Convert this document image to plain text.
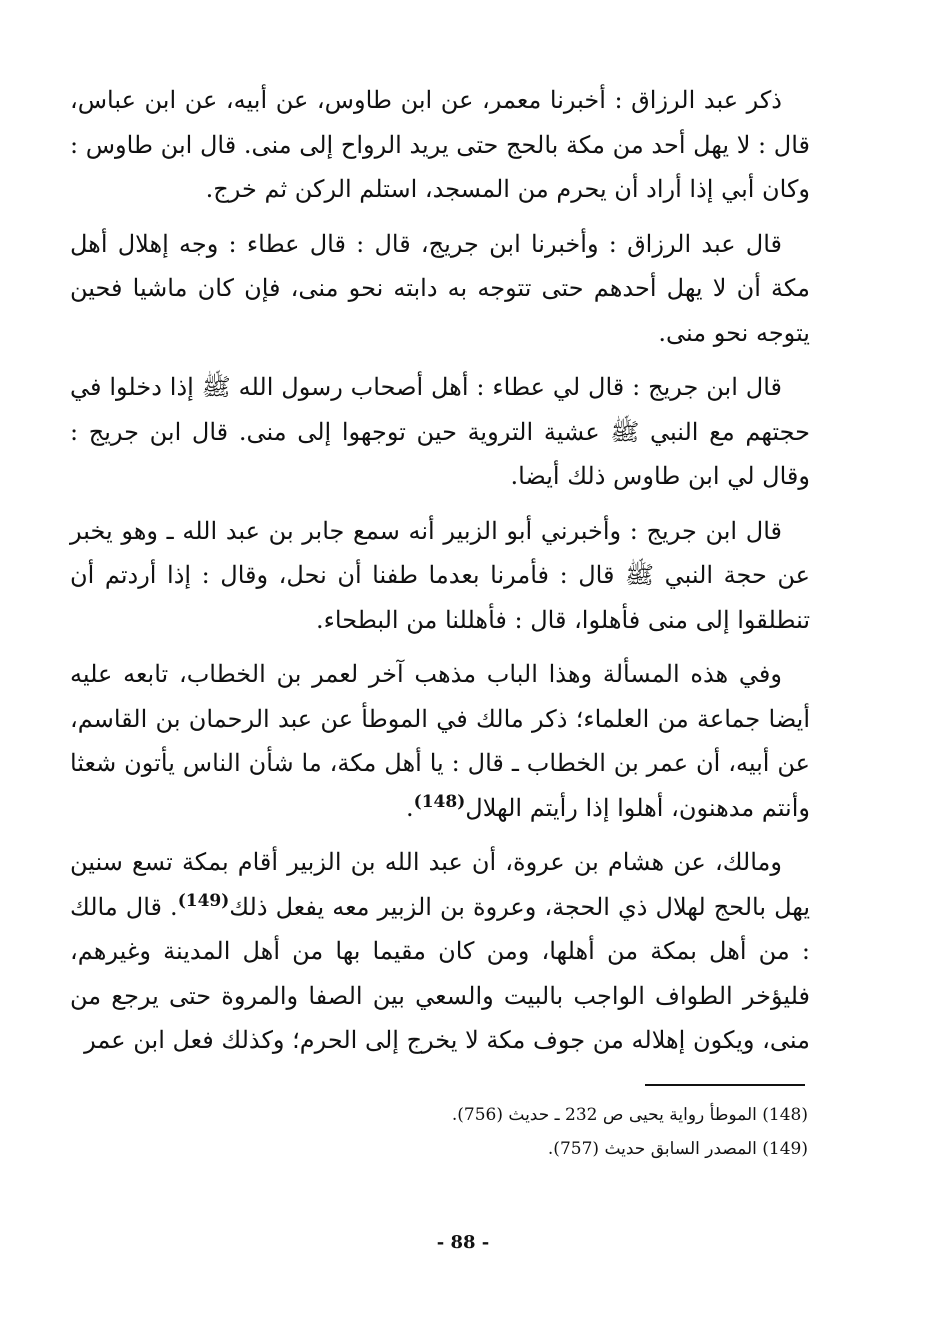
ذكر عبد الرزاق : أخبرنا معمر، عن ابن طاوس، عن أبيه، عن ابن عباس، قال : لا يهل أحد من مكة بالحج حتى يريد الرواح إلى منى. قال ابن طاوس : وكان أبي إذا أراد أن يحرم من المسجد، استلم الركن ثم خرج.

قال عبد الرزاق : وأخبرنا ابن جريج، قال : قال عطاء : وجه إهلال أهل مكة أن لا يهل أحدهم حتى تتوجه به دابته نحو منى، فإن كان ماشيا فحين يتوجه نحو منى.

قال ابن جريج : قال لي عطاء : أهل أصحاب رسول الله ﷺ إذا دخلوا في حجتهم مع النبي ﷺ عشية التروية حين توجهوا إلى منى. قال ابن جريج : وقال لي ابن طاوس ذلك أيضا.

قال ابن جريج : وأخبرني أبو الزبير أنه سمع جابر بن عبد الله ـ وهو يخبر عن حجة النبي ﷺ قال : فأمرنا بعدما طفنا أن نحل، وقال : إذا أردتم أن تنطلقوا إلى منى فأهلوا، قال : فأهللنا من البطحاء.

وفي هذه المسألة وهذا الباب مذهب آخر لعمر بن الخطاب، تابعه عليه أيضا جماعة من العلماء؛ ذكر مالك في الموطأ عن عبد الرحمان بن القاسم، عن أبيه، أن عمر بن الخطاب ـ قال : يا أهل مكة، ما شأن الناس يأتون شعثا وأنتم مدهنون، أهلوا إذا رأيتم الهلال$^{(148)}$.

ومالك، عن هشام بن عروة، أن عبد الله بن الزبير أقام بمكة تسع سنين يهل بالحج لهلال ذي الحجة، وعروة بن الزبير معه يفعل ذلك$^{(149)}$. قال مالك : من أهل بمكة من أهلها، ومن كان مقيما بها من أهل المدينة وغيرهم، فليؤخر الطواف الواجب بالبيت والسعي بين الصفا والمروة حتى يرجع من منى، ويكون إهلاله من جوف مكة لا يخرج إلى الحرم؛ وكذلك فعل ابن عمر

(148) الموطأ رواية يحيى ص 232 ـ حديث (756).

(149) المصدر السابق حديث (757).

- 88 -
